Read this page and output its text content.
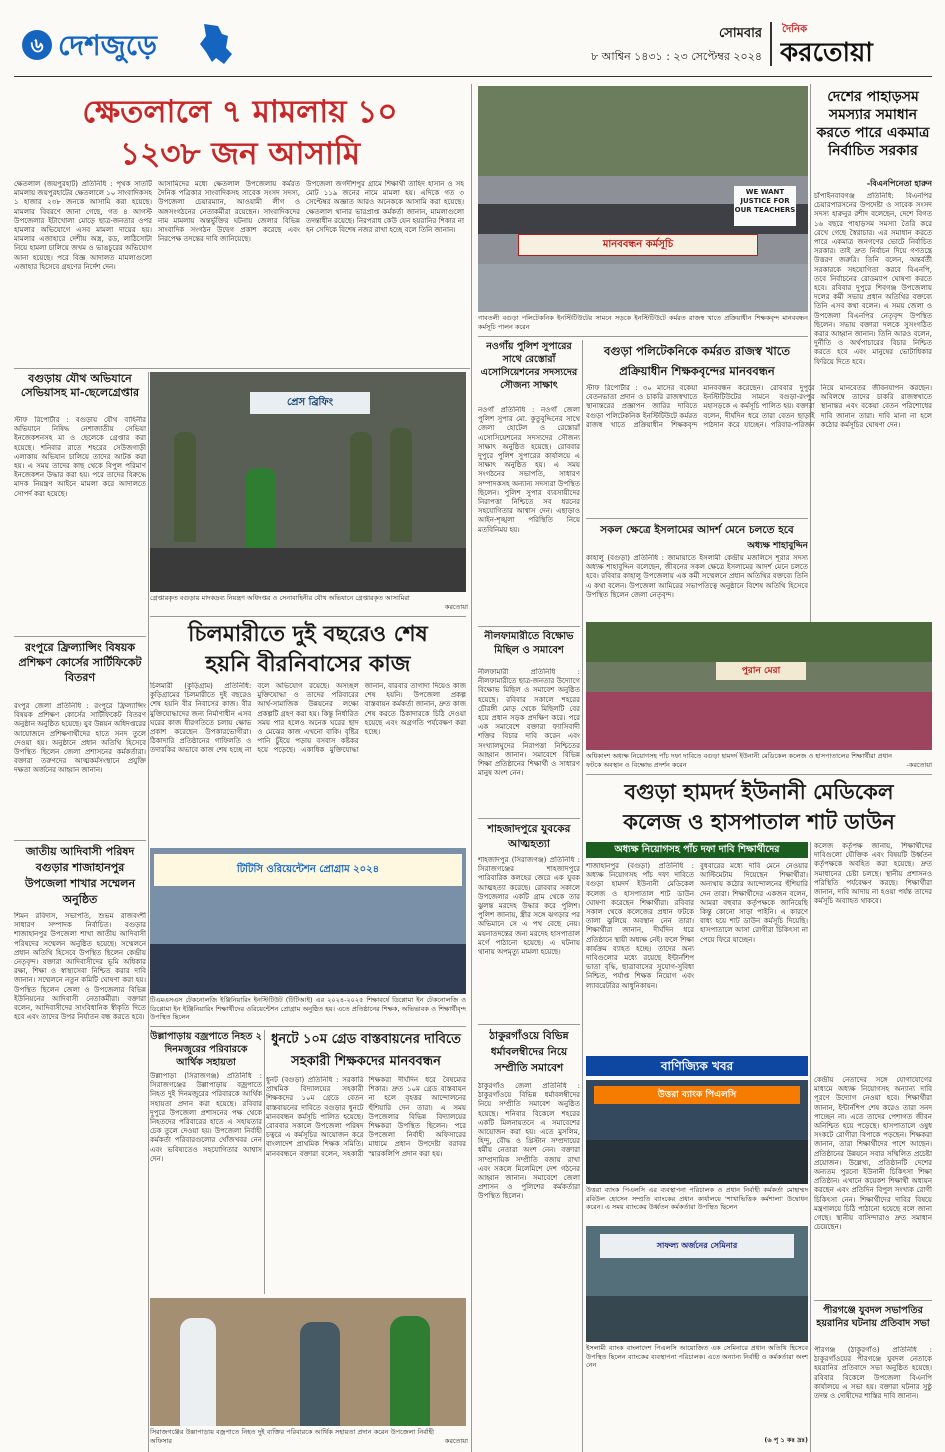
৬ দেশজুড়ে	সোমবার
৮ আশ্বিন ১৪৩১ : ২৩ সেপ্টেম্বর ২০২৪
দৈনিক
করতোয়া
ক্ষেতলালে ৭ মামলায় ১০
১২৩৮ জন আসামি
ক্ষেতলাল (জয়পুরহাট) প্রতিনিধি : পৃথক সাতটি মামলায় জয়পুরহাটের ক্ষেতলালে ১০ সাংবাদিকসহ ১ হাজার ২৩৮ জনকে আসামি করা হয়েছে। মামলার বিবরণে জানা গেছে, গত ৪ আগস্ট উপজেলার ইটাখোলা মোড়ে ছাত্র-জনতার ওপর হামলার অভিযোগে এসব মামলা দায়ের হয়। মামলার এজাহারে দেশীয় অস্ত্র, রড, লাঠিসোটা নিয়ে হামলা চালিয়ে জখম ও ভাঙচুরের অভিযোগ আনা হয়েছে। পরে বিজ্ঞ আদালত মামলাগুলো এজাহার হিসেবে গ্রহণের নির্দেশ দেন।
আসামিদের মধ্যে ক্ষেতলাল উপজেলায় কর্মরত দৈনিক পত্রিকার সাংবাদিকসহ সাবেক সংসদ সদস্য, উপজেলা চেয়ারম্যান, আওয়ামী লীগ ও অঙ্গসংগঠনের নেতাকর্মীরা রয়েছেন। সাংবাদিকদের নাম মামলায় অন্তর্ভুক্তির ঘটনায় জেলার বিভিন্ন সাংবাদিক সংগঠন উদ্বেগ প্রকাশ করেছে এবং নিরপেক্ষ তদন্তের দাবি জানিয়েছে।
উপজেলা জগদীশপুর গ্রামে শিক্ষার্থী তাহিদ হাসান ও সহ মোট ১১৯ জনের নামে মামলা হয়। এদিকে গত ৩ সেপ্টেম্বর অজ্ঞাত আরও অনেককে আসামি করা হয়েছে। ক্ষেতলাল থানার ভারপ্রাপ্ত কর্মকর্তা জানান, মামলাগুলো তদন্তাধীন রয়েছে। নিরপরাধ কেউ যেন হয়রানির শিকার না হন সেদিকে বিশেষ নজর রাখা হচ্ছে বলে তিনি জানান।
মানববন্ধন কর্মসূচি
WE WANT JUSTICE FOR OUR TEACHERS
গাবতলী বগুড়া পলিটেকনিক ইনস্টিটিউটের সামনে সড়কে ইনস্টিটিউটে কর্মরত রাজস্ব খাতে প্রক্রিয়াধীন শিক্ষকবৃন্দ মানববন্ধন কর্মসূচি পালন করেন
দেশের পাহাড়সম সমস্যার সমাধান করতে পারে একমাত্র নির্বাচিত সরকার
-বিএনপিনেতা হারুন
চাঁপাইনবাবগঞ্জ প্রতিনিধি: বিএনপির চেয়ারপারসনের উপদেষ্টা ও সাবেক সংসদ সদস্য হারুনুর রশীদ বলেছেন, দেশে বিগত ১৬ বছরে পাহাড়সম সমস্যা তৈরি করে রেখে গেছে স্বৈরাচার। এর সমাধান করতে পারে একমাত্র জনগণের ভোটে নির্বাচিত সরকার। তাই দ্রুত নির্বাচন দিয়ে গণতন্ত্রে উত্তরণ জরুরি। তিনি বলেন, অন্তর্বর্তী সরকারকে সহযোগিতা করবে বিএনপি, তবে নির্বাচনের রোডম্যাপ ঘোষণা করতে হবে। রবিবার দুপুরে শিবগঞ্জ উপজেলায় দলের কর্মী সভায় প্রধান অতিথির বক্তব্যে তিনি এসব কথা বলেন। এ সময় জেলা ও উপজেলা বিএনপির নেতৃবৃন্দ উপস্থিত ছিলেন। সভায় বক্তারা দলকে সুসংগঠিত করার আহ্বান জানান। তিনি আরও বলেন, দুর্নীতি ও অর্থপাচারের বিচার নিশ্চিত করতে হবে এবং মানুষের ভোটাধিকার ফিরিয়ে দিতে হবে।
বগুড়ায় যৌথ অভিযানে সেভিয়াসহ মা-ছেলেগ্রেপ্তার
স্টাফ রিপোর্টার : বগুড়ায় যৌথ বাহিনীর অভিযানে নিষিদ্ধ নেশাজাতীয় সেভিয়া ইনজেকশনসহ মা ও ছেলেকে গ্রেপ্তার করা হয়েছে। শনিবার রাতে শহরের সেউজগাড়ী এলাকায় অভিযান চালিয়ে তাদের আটক করা হয়। এ সময় তাদের কাছ থেকে বিপুল পরিমাণ ইনজেকশন উদ্ধার করা হয়। পরে তাদের বিরুদ্ধে মাদক নিয়ন্ত্রণ আইনে মামলা করে আদালতে সোপর্দ করা হয়েছে।
প্রেস ব্রিফিং
গ্রেপ্তারকৃত বগুড়ায় মাদকদ্রব্য নিয়ন্ত্রণ অধিদপ্তর ও সেনাবাহিনীর যৌথ অভিযানে গ্রেপ্তারকৃত আসামিরা
করতোয়া
রংপুরে ফ্রিল্যান্সিং বিষয়ক প্রশিক্ষণ কোর্সের সার্টিফিকেট বিতরণ
রংপুর জেলা প্রতিনিধি : রংপুরে ফ্রিল্যান্সিং বিষয়ক প্রশিক্ষণ কোর্সের সার্টিফিকেট বিতরণ অনুষ্ঠান অনুষ্ঠিত হয়েছে। যুব উন্নয়ন অধিদপ্তরের আয়োজনে প্রশিক্ষণার্থীদের হাতে সনদ তুলে দেওয়া হয়। অনুষ্ঠানে প্রধান অতিথি হিসেবে উপস্থিত ছিলেন জেলা প্রশাসনের কর্মকর্তারা। বক্তারা তরুণদের আত্মকর্মসংস্থানে প্রযুক্তি দক্ষতা অর্জনের আহ্বান জানান।
জাতীয় আদিবাসী পরিষদ বগুড়ার শাজাহানপুর উপজেলা শাখার সম্মেলন অনুষ্ঠিত
শিমন রবিদাস, সভাপতি, শুভম রাজবংশী সাধারণ সম্পাদক নির্বাচিত। বগুড়ার শাজাহানপুর উপজেলা শাখা জাতীয় আদিবাসী পরিষদের সম্মেলন অনুষ্ঠিত হয়েছে। সম্মেলনে প্রধান অতিথি হিসেবে উপস্থিত ছিলেন কেন্দ্রীয় নেতৃবৃন্দ। বক্তারা আদিবাসীদের ভূমি অধিকার রক্ষা, শিক্ষা ও স্বাস্থ্যসেবা নিশ্চিত করার দাবি জানান। সম্মেলনে নতুন কমিটি ঘোষণা করা হয়। উপস্থিত ছিলেন জেলা ও উপজেলার বিভিন্ন ইউনিয়নের আদিবাসী নেতাকর্মীরা। বক্তারা বলেন, আদিবাসীদের সাংবিধানিক স্বীকৃতি দিতে হবে এবং তাদের উপর নির্যাতন বন্ধ করতে হবে।
চিলমারীতে দুই বছরেও শেষ
হয়নি বীরনিবাসের কাজ
চিলমারী (কুড়িগ্রাম) প্রতিনিধি: কুড়িগ্রামের চিলমারীতে দুই বছরেও শেষ হয়নি বীর নিবাসের কাজ। বীর মুক্তিযোদ্ধাদের জন্য নির্মাণাধীন এসব ঘরের কাজ ধীরগতিতে চলায় ক্ষোভ প্রকাশ করেছেন উপকারভোগীরা। ঠিকাদারি প্রতিষ্ঠানের গাফিলতি ও তদারকির অভাবে কাজ শেষ হচ্ছে না বলে অভিযোগ রয়েছে। অসচ্ছল মুক্তিযোদ্ধা ও তাদের পরিবারের আর্থ-সামাজিক উন্নয়নের লক্ষ্যে প্রকল্পটি গ্রহণ করা হয়। কিন্তু নির্ধারিত সময় পার হলেও অনেক ঘরের ছাদ ও মেঝের কাজ এখনো বাকি। বৃষ্টির পানি চুঁইয়ে পড়ায় বসবাস কষ্টকর হয়ে পড়েছে। একাধিক মুক্তিযোদ্ধা জানান, বারবার তাগাদা দিয়েও কাজ শেষ হয়নি। উপজেলা প্রকল্প বাস্তবায়ন কর্মকর্তা জানান, দ্রুত কাজ শেষ করতে ঠিকাদারকে চিঠি দেওয়া হয়েছে এবং অগ্রগতি পর্যবেক্ষণ করা হচ্ছে।
টিটিসি ওরিয়েন্টেশন প্রোগ্রাম ২০২৪
টিএমএসএস টেকনোলজি ইঞ্জিনিয়ারিং ইনস্টিটিউট (টিটিআই) এর ২০২৪-২০২৫ শিক্ষাবর্ষে ডিপ্লোমা ইন টেকনোলজি ও ডিপ্লোমা ইন ইঞ্জিনিয়ারিং শিক্ষার্থীদের ওরিয়েন্টেশন প্রোগ্রাম অনুষ্ঠিত হয়। এতে প্রতিষ্ঠানের শিক্ষক, অভিভাবক ও শিক্ষার্থীবৃন্দ উপস্থিত ছিলেন
উল্লাপাড়ায় বজ্রপাতে নিহত ২ দিনমজুরের পরিবারকে আর্থিক সহায়তা
উল্লাপাড়া (সিরাজগঞ্জ) প্রতিনিধি : সিরাজগঞ্জের উল্লাপাড়ায় বজ্রপাতে নিহত দুই দিনমজুরের পরিবারকে আর্থিক সহায়তা প্রদান করা হয়েছে। রবিবার দুপুরে উপজেলা প্রশাসনের পক্ষ থেকে নিহতদের পরিবারের হাতে এ সহায়তার চেক তুলে দেওয়া হয়। উপজেলা নির্বাহী কর্মকর্তা পরিবারগুলোর খোঁজখবর নেন এবং ভবিষ্যতেও সহযোগিতার আশ্বাস দেন।
সিরাজগঞ্জের উল্লাপাড়ায় বজ্রপাতে নিহত দুই ব্যক্তির পরিবারকে আর্থিক সহায়তা প্রদান করেন উপজেলা নির্বাহী অফিসার	করতোয়া
ধুনটে ১০ম গ্রেড বাস্তবায়নের দাবিতে
সহকারী শিক্ষকদের মানববন্ধন
ধুনট (বগুড়া) প্রতিনিধি : সরকারি প্রাথমিক বিদ্যালয়ের সহকারী শিক্ষকদের ১০ম গ্রেডে বেতন বাস্তবায়নের দাবিতে বগুড়ার ধুনটে মানববন্ধন কর্মসূচি পালিত হয়েছে। রোববার সকালে উপজেলা পরিষদ চত্বরে এ কর্মসূচির আয়োজন করে বাংলাদেশ প্রাথমিক শিক্ষক সমিতি। মানববন্ধনে বক্তারা বলেন, সহকারী শিক্ষকরা দীর্ঘদিন ধরে বৈষম্যের শিকার। দ্রুত ১০ম গ্রেড বাস্তবায়ন না হলে বৃহত্তর আন্দোলনের হুঁশিয়ারি দেন তারা। এ সময় উপজেলার বিভিন্ন বিদ্যালয়ের শিক্ষকরা উপস্থিত ছিলেন। পরে উপজেলা নির্বাহী অফিসারের মাধ্যমে প্রধান উপদেষ্টা বরাবর স্মারকলিপি প্রদান করা হয়।
নওগাঁয় পুলিশ সুপারের সাথে রেস্তোরাঁ এসোসিয়েশনের সদস্যদের সৌজন্য সাক্ষাৎ
নওগাঁ প্রতিনিধি : নওগাঁ জেলা পুলিশ সুপার মো. কুতুবুদ্দিনের সাথে জেলা হোটেল ও রেস্তোরাঁ এসোসিয়েশনের সদস্যদের সৌজন্য সাক্ষাৎ অনুষ্ঠিত হয়েছে। রোববার দুপুরে পুলিশ সুপারের কার্যালয়ে এ সাক্ষাৎ অনুষ্ঠিত হয়। এ সময় সংগঠনের সভাপতি, সাধারণ সম্পাদকসহ অন্যান্য সদস্যরা উপস্থিত ছিলেন। পুলিশ সুপার ব্যবসায়ীদের নিরাপত্তা নিশ্চিতে সব ধরনের সহযোগিতার আশ্বাস দেন। এছাড়াও আইন-শৃঙ্খলা পরিস্থিতি নিয়ে মতবিনিময় হয়।
নীলফামারীতে বিক্ষোভ মিছিল ও সমাবেশ
নীলফামারী প্রতিনিধি : নীলফামারীতে ছাত্র-জনতার উদ্যোগে বিক্ষোভ মিছিল ও সমাবেশ অনুষ্ঠিত হয়েছে। রবিবার সকালে শহরের চৌরঙ্গী মোড় থেকে মিছিলটি বের হয়ে প্রধান সড়ক প্রদক্ষিণ করে। পরে এক সমাবেশে বক্তারা ফ্যাসিবাদী শক্তির বিচার দাবি করেন এবং সংখ্যালঘুদের নিরাপত্তা নিশ্চিতের আহ্বান জানান। সমাবেশে বিভিন্ন শিক্ষা প্রতিষ্ঠানের শিক্ষার্থী ও সাধারণ মানুষ অংশ নেন।
শাহজাদপুরে যুবকের আত্মহত্যা
শাহজাদপুর (সিরাজগঞ্জ) প্রতিনিধি : সিরাজগঞ্জের শাহজাদপুরে পারিবারিক কলহের জেরে এক যুবক আত্মহত্যা করেছে। রোববার সকালে উপজেলার একটি গ্রাম থেকে তার ঝুলন্ত মরদেহ উদ্ধার করে পুলিশ। পুলিশ জানায়, স্ত্রীর সঙ্গে ঝগড়ার পর অভিমানে সে এ পথ বেছে নেয়। ময়নাতদন্তের জন্য মরদেহ হাসপাতাল মর্গে পাঠানো হয়েছে। এ ঘটনায় থানায় অপমৃত্যু মামলা হয়েছে।
ঠাকুরগাঁওয়ে বিভিন্ন ধর্মাবলম্বীদের নিয়ে সম্প্রীতি সমাবেশ
ঠাকুরগাঁও জেলা প্রতিনিধি : ঠাকুরগাঁওয়ে বিভিন্ন ধর্মাবলম্বীদের নিয়ে সম্প্রীতি সমাবেশ অনুষ্ঠিত হয়েছে। শনিবার বিকেলে শহরের একটি মিলনায়তনে এ সমাবেশের আয়োজন করা হয়। এতে মুসলিম, হিন্দু, বৌদ্ধ ও খ্রিস্টান সম্প্রদায়ের ধর্মীয় নেতারা অংশ নেন। বক্তারা সাম্প্রদায়িক সম্প্রীতি বজায় রাখা এবং সকলে মিলেমিশে দেশ গঠনের আহ্বান জানান। সমাবেশে জেলা প্রশাসন ও পুলিশের কর্মকর্তারা উপস্থিত ছিলেন।
বগুড়া পলিটেকনিকে কর্মরত রাজস্ব খাতে
প্রক্রিয়াধীন শিক্ষকবৃন্দের মানববন্ধন
স্টাফ রিপোর্টার : ৩০ মাসের বকেয়া বেতনভাতা প্রদান ও চাকরি রাজস্বখাতে স্থানান্তরের প্রজ্ঞাপন জারির দাবিতে বগুড়া পলিটেকনিক ইনস্টিটিউটে কর্মরত রাজস্ব খাতে প্রক্রিয়াধীন শিক্ষকবৃন্দ মানববন্ধন করেছেন। রোববার দুপুরে ইনস্টিটিউটের সামনে বগুড়া-রংপুর মহাসড়কে এ কর্মসূচি পালিত হয়। বক্তারা বলেন, দীর্ঘদিন ধরে তারা বেতন ছাড়াই পাঠদান করে যাচ্ছেন। পরিবার-পরিজন নিয়ে মানবেতর জীবনযাপন করছেন। অবিলম্বে তাদের চাকরি রাজস্বখাতে স্থানান্তর এবং বকেয়া বেতন পরিশোধের দাবি জানান তারা। দাবি মানা না হলে কঠোর কর্মসূচির ঘোষণা দেন।
সকল ক্ষেত্রে ইসলামের আদর্শ মেনে চলতে হবে
অধ্যক্ষ শাহাবুদ্দিন
কাহালু (বগুড়া) প্রতিনিধি : জামায়াতে ইসলামী কেন্দ্রীয় মজলিসে শূরার সদস্য অধ্যক্ষ শাহাবুদ্দিন বলেছেন, জীবনের সকল ক্ষেত্রে ইসলামের আদর্শ মেনে চলতে হবে। রবিবার কাহালু উপজেলায় এক কর্মী সম্মেলনে প্রধান অতিথির বক্তব্যে তিনি এ কথা বলেন। উপজেলা আমিরের সভাপতিত্বে অনুষ্ঠানে বিশেষ অতিথি হিসেবে উপস্থিত ছিলেন জেলা নেতৃবৃন্দ।
পুরান মেরা
অধিকাংশ অধ্যক্ষ নিয়োগসহ পাঁচ দফা দাবিতে বগুড়া হামদর্দ ইউনানী মেডিকেল কলেজ ও হাসপাতালের শিক্ষার্থীরা প্রধান ফটকে অবস্থান ও বিক্ষোভ প্রদর্শন করেন	-করতোয়া
বগুড়া হামদর্দ ইউনানী মেডিকেল
কলেজ ও হাসপাতাল শাট ডাউন
অধ্যক্ষ নিয়োগসহ পাঁচ দফা দাবি শিক্ষার্থীদের
শাজাহানপুর (বগুড়া) প্রতিনিধি : অধ্যক্ষ নিয়োগসহ পাঁচ দফা দাবিতে বগুড়া হামদর্দ ইউনানী মেডিকেল কলেজ ও হাসপাতাল শাট ডাউন ঘোষণা করেছেন শিক্ষার্থীরা। রবিবার সকাল থেকে কলেজের প্রধান ফটকে তালা ঝুলিয়ে অবস্থান নেন তারা। শিক্ষার্থীরা জানান, দীর্ঘদিন ধরে প্রতিষ্ঠানে স্থায়ী অধ্যক্ষ নেই। ফলে শিক্ষা কার্যক্রম ব্যাহত হচ্ছে। তাদের অন্য দাবিগুলোর মধ্যে রয়েছে ইন্টার্নশিপ ভাতা বৃদ্ধি, ছাত্রাবাসের সুযোগ-সুবিধা নিশ্চিত, পর্যাপ্ত শিক্ষক নিয়োগ এবং ল্যাবরেটরির আধুনিকায়ন।
বুধবারের মধ্যে দাবি মেনে নেওয়ার আল্টিমেটাম দিয়েছেন শিক্ষার্থীরা। অন্যথায় কঠোর আন্দোলনের হুঁশিয়ারি দেন তারা। শিক্ষার্থীদের একজন বলেন, আমরা বহুবার কর্তৃপক্ষকে জানিয়েছি কিন্তু কোনো সাড়া পাইনি। এ কারণে বাধ্য হয়ে শাট ডাউন কর্মসূচি দিয়েছি। হাসপাতালে আসা রোগীরা চিকিৎসা না পেয়ে ফিরে যাচ্ছেন।
কলেজ কর্তৃপক্ষ জানায়, শিক্ষার্থীদের দাবিগুলো যৌক্তিক এবং বিষয়টি উর্ধ্বতন কর্তৃপক্ষকে অবহিত করা হয়েছে। দ্রুত সমাধানের চেষ্টা চলছে। স্থানীয় প্রশাসনও পরিস্থিতি পর্যবেক্ষণ করছে। শিক্ষার্থীরা জানান, দাবি আদায় না হওয়া পর্যন্ত তাদের কর্মসূচি অব্যাহত থাকবে।
বাণিজ্যিক খবর
উত্তরা ব্যাংক পিএলসি
উত্তরা ব্যাংক পিএলসি এর ব্যবস্থাপনা পরিচালক ও প্রধান নির্বাহী কর্মকর্তা মোহাম্মদ রবিউল হোসেন সম্প্রতি ব্যাংকের প্রধান কার্যালয়ে 'শাখাভিত্তিক কর্মশালা' উদ্বোধন করেন। এ সময় ব্যাংকের উর্ধ্বতন কর্মকর্তারা উপস্থিত ছিলেন
সাফল্য অর্জনের সেমিনার
ইসলামী ব্যাংক বাংলাদেশ পিএলসি আয়োজিত এক সেমিনারে প্রধান অতিথি হিসেবে উপস্থিত ছিলেন ব্যাংকের ব্যবস্থাপনা পরিচালক। এতে অন্যান্য নির্বাহী ও কর্মকর্তারা অংশ নেন
(৬ পৃ ১ কঃ দ্রঃ)
কেন্দ্রীয় নেতাদের সঙ্গে যোগাযোগের মাধ্যমে অধ্যক্ষ নিয়োগসহ অন্যান্য দাবি পূরণে উদ্যোগ নেওয়া হবে। শিক্ষার্থীরা জানান, ইন্টার্নশিপ শেষ করেও তারা সনদ পাচ্ছেন না। এতে তাদের পেশাগত জীবন অনিশ্চিত হয়ে পড়েছে। হাসপাতালে ওষুধ সংকটে রোগীরা বিপাকে পড়ছেন। শিক্ষকরা জানান, তারা শিক্ষার্থীদের পাশে আছেন। প্রতিষ্ঠানের উন্নয়নে সবার সম্মিলিত প্রচেষ্টা প্রয়োজন। উল্লেখ্য, প্রতিষ্ঠানটি দেশের অন্যতম পুরনো ইউনানী চিকিৎসা শিক্ষা প্রতিষ্ঠান। এখানে কয়েকশ শিক্ষার্থী অধ্যয়ন করছেন এবং প্রতিদিন বিপুল সংখ্যক রোগী চিকিৎসা নেন। শিক্ষার্থীদের দাবির বিষয়ে মন্ত্রণালয়ে চিঠি পাঠানো হয়েছে বলে জানা গেছে। স্থানীয় বাসিন্দারাও দ্রুত সমাধান চেয়েছেন।
পীরগঞ্জে যুবদল সভাপতির হয়রানির ঘটনায় প্রতিবাদ সভা
পীরগঞ্জ (ঠাকুরগাঁও) প্রতিনিধি : ঠাকুরগাঁওয়ের পীরগঞ্জে যুবদল নেতাকে হয়রানির প্রতিবাদে সভা অনুষ্ঠিত হয়েছে। রবিবার বিকেলে উপজেলা বিএনপি কার্যালয়ে এ সভা হয়। বক্তারা ঘটনার সুষ্ঠু তদন্ত ও দোষীদের শাস্তির দাবি জানান।
